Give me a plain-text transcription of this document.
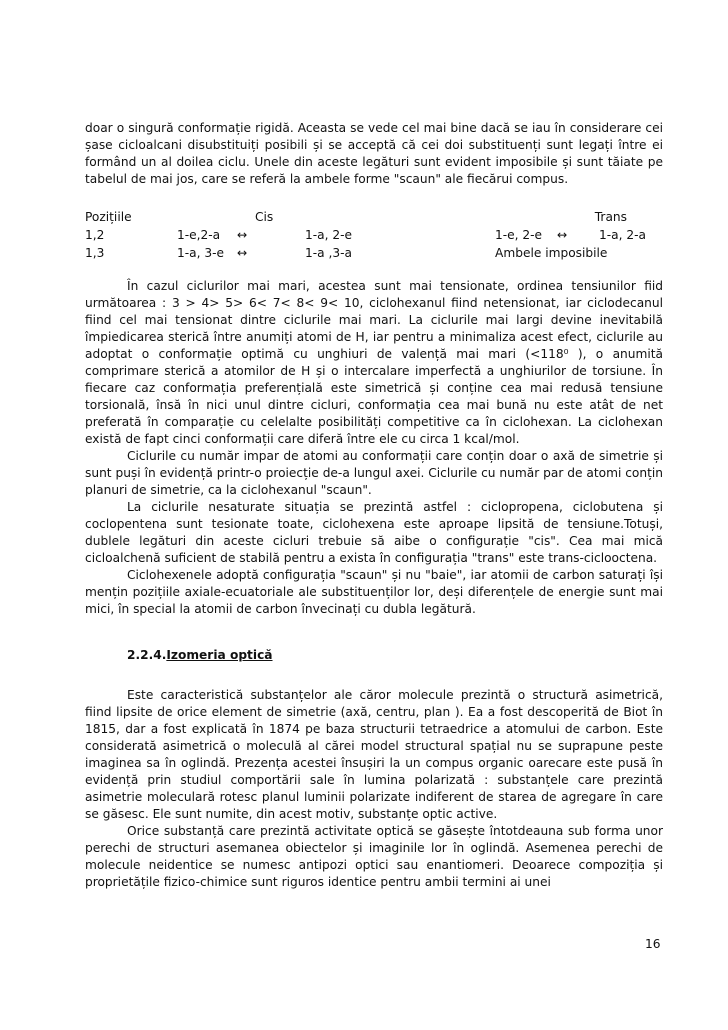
doar o singură conformație rigidă. Aceasta se vede cel mai bine dacă se iau în considerare cei șase cicloalcani disubstituiți posibili și se acceptă că cei doi substituenți sunt legați între ei formând un al doilea ciclu. Unele din aceste legături sunt evident imposibile și sunt tăiate pe tabelul de mai jos, care se referă la ambele forme "scaun" ale fiecărui compus.

Pozițiile	Cis			Trans		
1,2	1-e,2-a	↔	1-a, 2-e	1-e, 2-e	↔	1-a, 2-a
1,3	1-a, 3-e	↔	1-a ,3-a	Ambele imposibile		

În cazul ciclurilor mai mari, acestea sunt mai tensionate, ordinea tensiunilor fiid următoarea : 3 > 4> 5> 6< 7< 8< 9< 10, ciclohexanul fiind netensionat, iar ciclodecanul fiind cel mai tensionat dintre ciclurile mai mari. La ciclurile mai largi devine inevitabilă împiedicarea sterică între anumiți atomi de H, iar pentru a minimaliza acest efect, ciclurile au adoptat o conformație optimă cu unghiuri de valență mai mari (<118⁰ ), o anumită comprimare sterică a atomilor de H și o intercalare imperfectă a unghiurilor de torsiune. În fiecare caz conformația preferențială este simetrică și conține cea mai redusă tensiune torsională, însă în nici unul dintre cicluri, conformația cea mai bună nu este atât de net preferată în comparație cu celelalte posibilități competitive ca în ciclohexan. La ciclohexan există de fapt cinci conformații care diferă între ele cu circa 1 kcal/mol.

Ciclurile cu număr impar de atomi au conformații care conțin doar o axă de simetrie și sunt puși în evidență printr-o proiecție de-a lungul axei. Ciclurile cu număr par de atomi conțin planuri de simetrie, ca la ciclohexanul "scaun".

La ciclurile nesaturate situația se prezintă astfel : ciclopropena, ciclobutena și coclopentena sunt tesionate toate, ciclohexena este aproape lipsită de tensiune.Totuși, dublele legături din aceste cicluri trebuie să aibe o configurație "cis". Cea mai mică cicloalchenă suficient de stabilă pentru a exista în configurația "trans" este trans-ciclooctena.

Ciclohexenele adoptă configurația "scaun" și nu "baie", iar atomii de carbon saturați își mențin pozițiile axiale-ecuatoriale ale substituenților lor, deși diferențele de energie sunt mai mici, în special la atomii de carbon învecinați cu dubla legătură.

2.2.4.Izomeria optică

Este caracteristică substanțelor ale căror molecule prezintă o structură asimetrică, fiind lipsite de orice element de simetrie (axă, centru, plan ). Ea a fost descoperită de Biot în 1815, dar a fost explicată în 1874 pe baza structurii tetraedrice a atomului de carbon. Este considerată asimetrică o moleculă al cărei model structural spațial nu se suprapune peste imaginea sa în oglindă. Prezența acestei însușiri la un compus organic oarecare este pusă în evidență prin studiul comportării sale în lumina polarizată : substanțele care prezintă asimetrie moleculară rotesc planul luminii polarizate indiferent de starea de agregare în care se găsesc. Ele sunt numite, din acest motiv, substanțe optic active.

Orice substanță care prezintă activitate optică se găsește întotdeauna sub forma unor perechi de structuri asemanea obiectelor și imaginile lor în oglindă. Asemenea perechi de molecule neidentice se numesc antipozi optici sau enantiomeri. Deoarece compoziția și proprietățile fizico-chimice sunt riguros identice pentru ambii termini ai unei

16
